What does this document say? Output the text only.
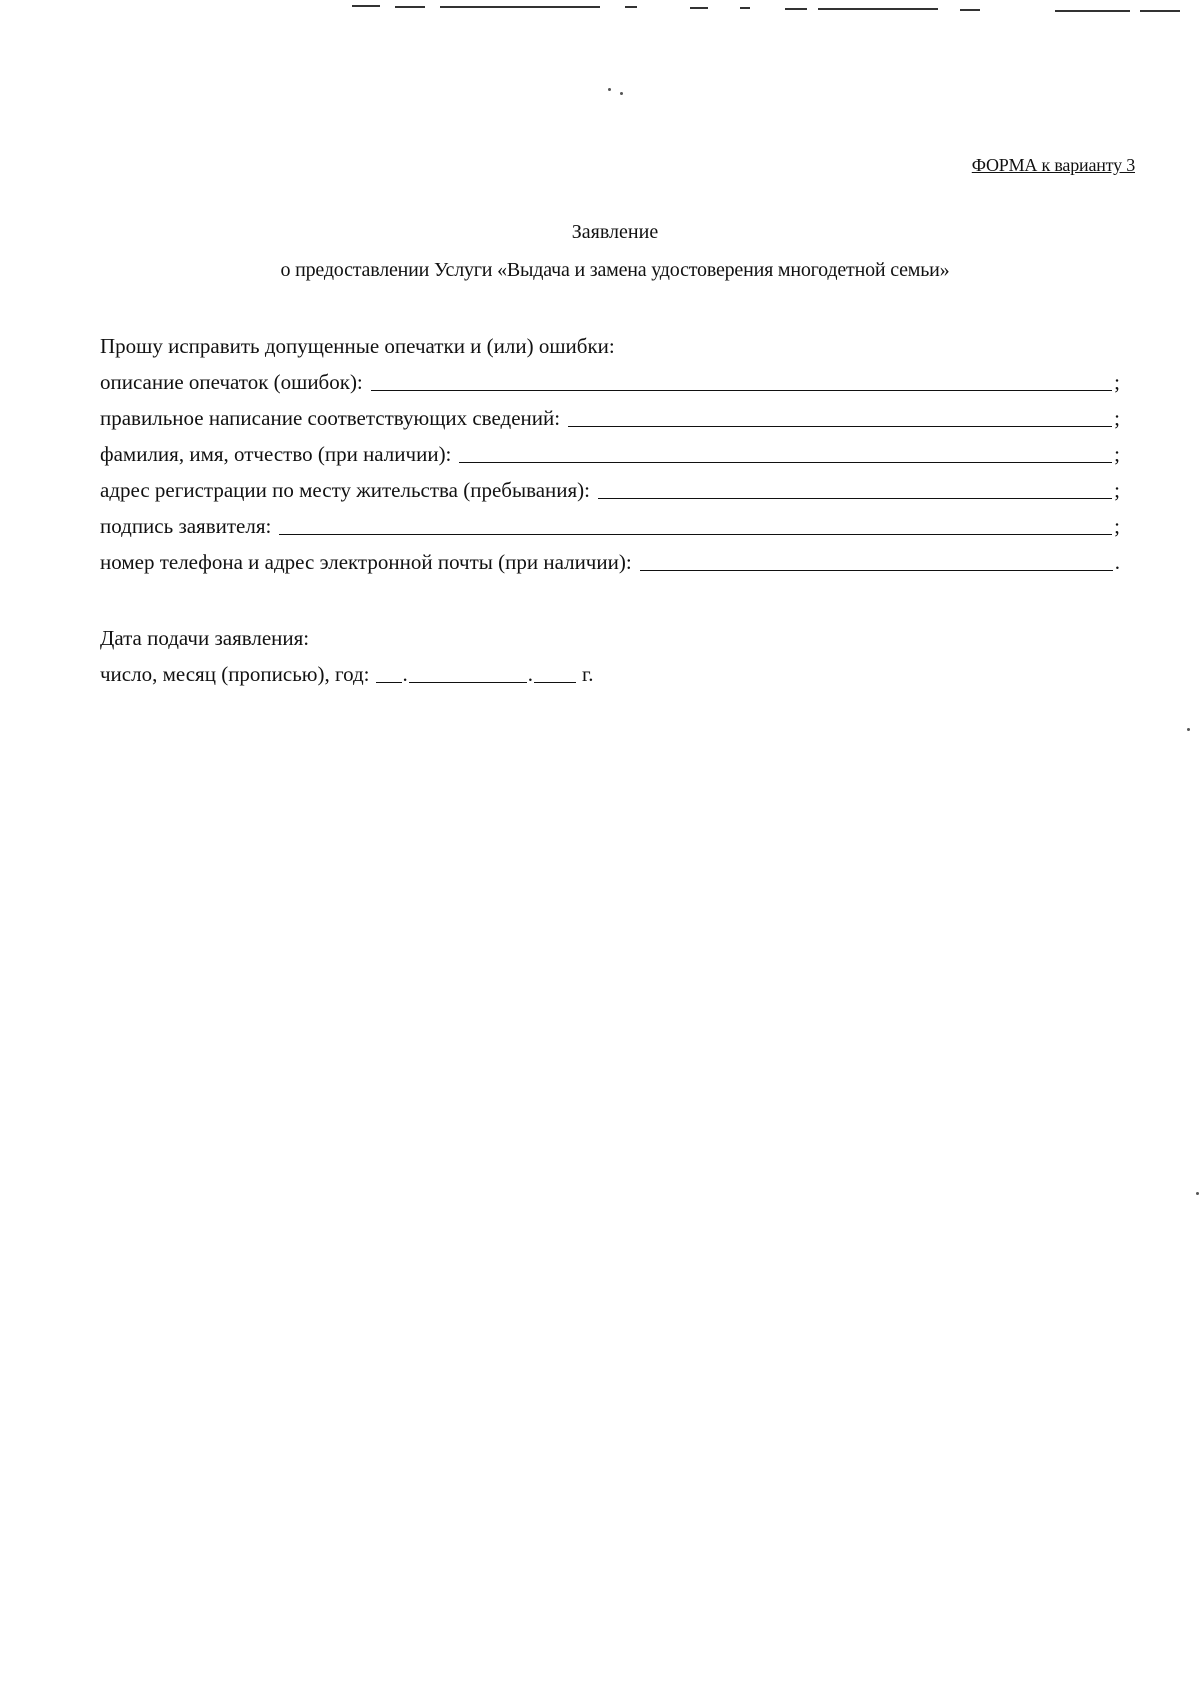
ФОРМА к варианту 3
Заявление
о предоставлении Услуги «Выдача и замена удостоверения многодетной семьи»
Прошу исправить допущенные опечатки и (или) ошибки:
описание опечаток (ошибок):	;
правильное написание соответствующих сведений:	;
фамилия, имя, отчество (при наличии):	;
адрес регистрации по месту жительства (пребывания):	;
подпись заявителя:	;
номер телефона и адрес электронной почты (при наличии):	.
Дата подачи заявления:
число, месяц (прописью), год: .	. г.
